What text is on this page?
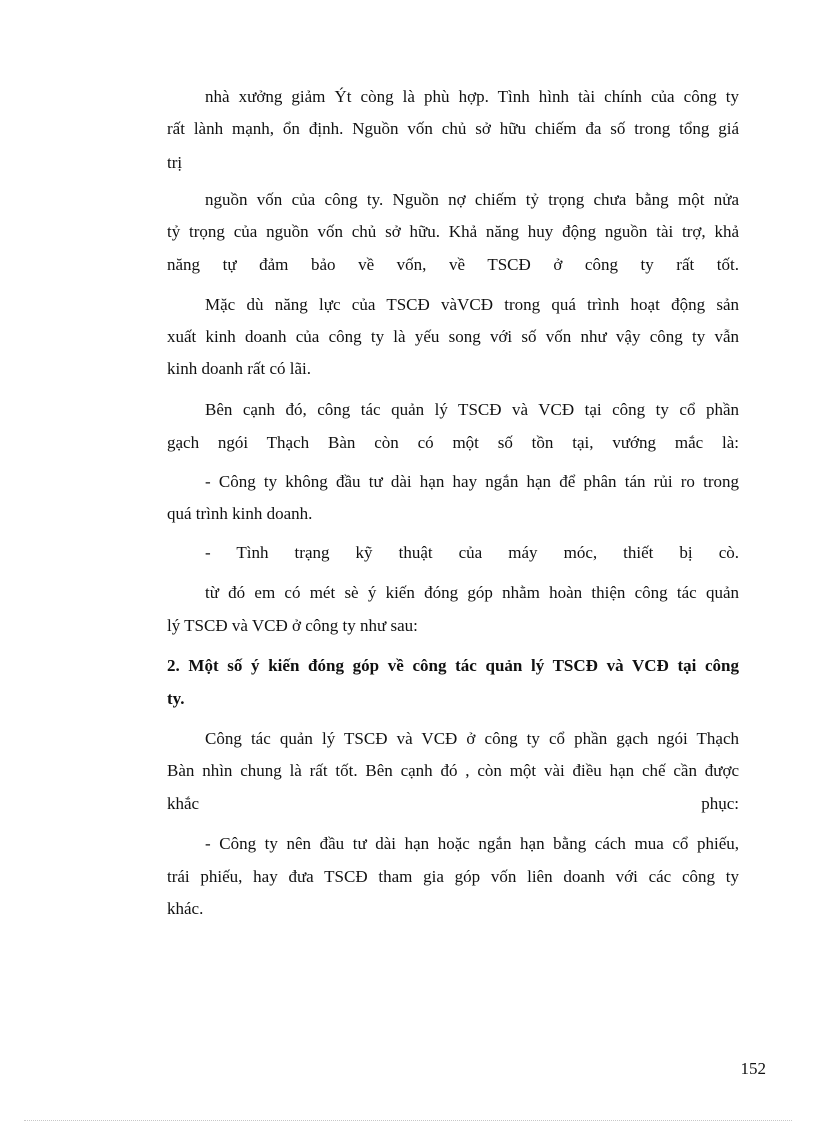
nhà xưởng giảm Ýt còng là phù hợp. Tình hình tài chính của công ty
rất lành mạnh, ổn định. Nguồn vốn chủ sở hữu chiếm đa số trong tổng giá
trị
nguồn vốn của công ty. Nguồn nợ chiếm tỷ trọng chưa bằng một nửa
tỷ trọng của nguồn vốn chủ sở hữu. Khả năng huy động nguồn tài trợ, khả
năng tự đảm bảo về vốn, về TSCĐ ở công ty rất tốt.
Mặc dù năng lực của TSCĐ vàVCĐ trong quá trình hoạt động sản
xuất kinh doanh của công ty là yếu song với số vốn như vậy công ty vẫn
kinh doanh rất có lãi.
Bên cạnh đó, công tác quản lý TSCĐ và VCĐ tại công ty cổ phần
gạch ngói Thạch Bàn còn có một số tồn tại, vướng mắc là:
- Công ty không đầu tư dài hạn hay ngắn hạn để phân tán rủi ro trong
quá trình kinh doanh.
- Tình trạng kỹ thuật của máy móc, thiết bị cò.
từ đó em có mét sè ý kiến đóng góp nhằm hoàn thiện công tác quản
lý TSCĐ và VCĐ ở công ty như sau:
2. Một số ý kiến đóng góp về công tác quản lý TSCĐ và VCĐ tại công
ty.
Công tác quản lý TSCĐ và VCĐ ở công ty cổ phần gạch ngói Thạch
Bàn nhìn chung là rất tốt. Bên cạnh đó , còn một vài điều hạn chế cần được
khắc	phục:
- Công ty nên đầu tư dài hạn hoặc ngắn hạn bằng cách mua cổ phiếu,
trái phiếu, hay đưa TSCĐ tham gia góp vốn liên doanh với các công ty
khác.
152
